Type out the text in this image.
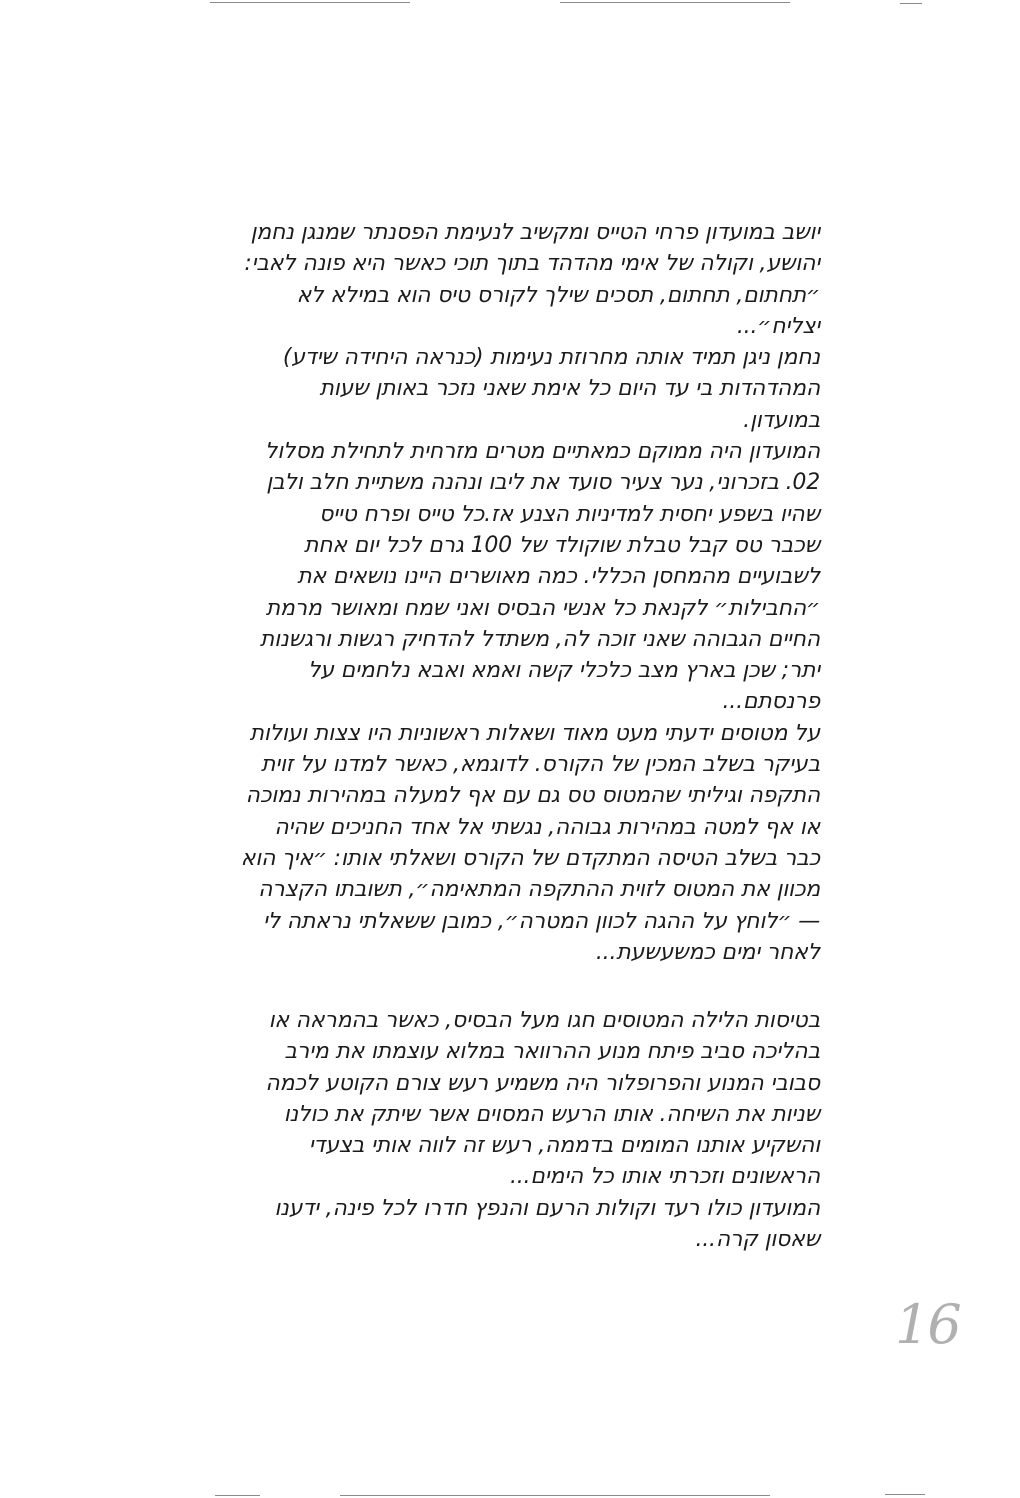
יושב במועדון פרחי הטייס ומקשיב לנעימת הפסנתר שמנגן נחמן
יהושע, וקולה של אימי מהדהד בתוך תוכי כאשר היא פונה לאבי:
״תחתום, תחתום, תסכים שילך לקורס טיס הוא במילא לא
יצליח״...
נחמן ניגן תמיד אותה מחרוזת נעימות (כנראה היחידה שידע)
המהדהדות בי עד היום כל אימת שאני נזכר באותן שעות
במועדון.
המועדון היה ממוקם כמאתיים מטרים מזרחית לתחילת מסלול
02. בזכרוני, נער צעיר סועד את ליבו ונהנה משתיית חלב ולבן
שהיו בשפע יחסית למדיניות הצנע אז.כל טייס ופרח טייס
שכבר טס קבל טבלת שוקולד של 100 גרם לכל יום אחת
לשבועיים מהמחסן הכללי. כמה מאושרים היינו נושאים את
״החבילות״ לקנאת כל אנשי הבסיס ואני שמח ומאושר מרמת
החיים הגבוהה שאני זוכה לה, משתדל להדחיק רגשות ורגשנות
יתר; שכן בארץ מצב כלכלי קשה ואמא ואבא נלחמים על
פרנסתם...
על מטוסים ידעתי מעט מאוד ושאלות ראשוניות היו צצות ועולות
בעיקר בשלב המכין של הקורס. לדוגמא, כאשר למדנו על זוית
התקפה וגיליתי שהמטוס טס גם עם אף למעלה במהירות נמוכה
או אף למטה במהירות גבוהה, נגשתי אל אחד החניכים שהיה
כבר בשלב הטיסה המתקדם של הקורס ושאלתי אותו: ״איך הוא
מכוון את המטוס לזוית ההתקפה המתאימה״, תשובתו הקצרה
— ״לוחץ על ההגה לכוון המטרה״, כמובן ששאלתי נראתה לי
לאחר ימים כמשעשעת...
בטיסות הלילה המטוסים חגו מעל הבסיס, כאשר בהמראה או
בהליכה סביב פיתח מנוע ההרוואר במלוא עוצמתו את מירב
סבובי המנוע והפרופלור היה משמיע רעש צורם הקוטע לכמה
שניות את השיחה. אותו הרעש המסוים אשר שיתק את כולנו
והשקיע אותנו המומים בדממה, רעש זה לווה אותי בצעדי
הראשונים וזכרתי אותו כל הימים...
המועדון כולו רעד וקולות הרעם והנפץ חדרו לכל פינה, ידענו
שאסון קרה...
16
